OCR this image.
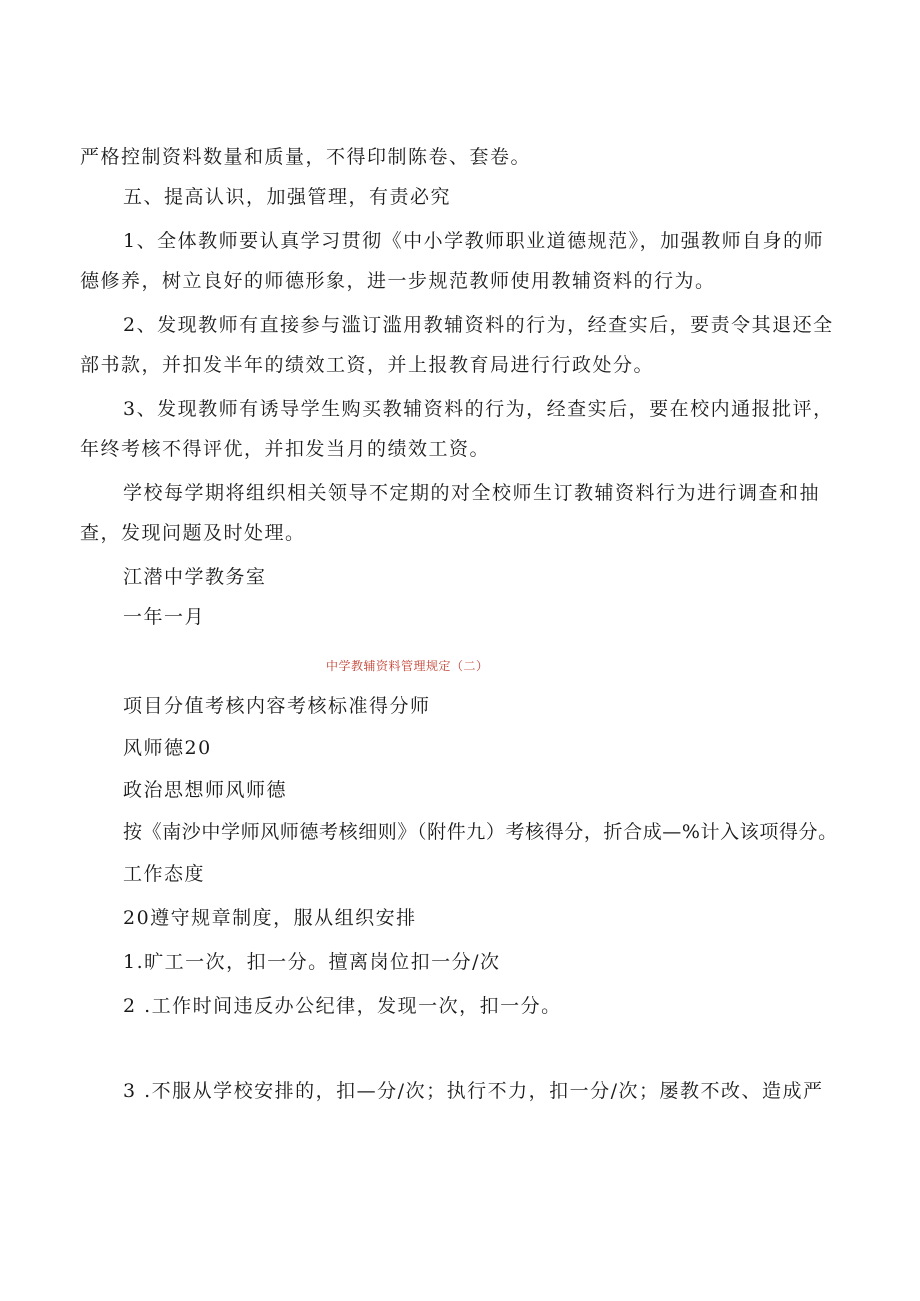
严格控制资料数量和质量，不得印制陈卷、套卷。
五、提高认识，加强管理，有责必究
1、全体教师要认真学习贯彻《中小学教师职业道德规范》，加强教师自身的师
德修养，树立良好的师德形象，进一步规范教师使用教辅资料的行为。
2、发现教师有直接参与滥订滥用教辅资料的行为，经查实后，要责令其退还全
部书款，并扣发半年的绩效工资，并上报教育局进行行政处分。
3、发现教师有诱导学生购买教辅资料的行为，经查实后，要在校内通报批评，
年终考核不得评优，并扣发当月的绩效工资。
学校每学期将组织相关领导不定期的对全校师生订教辅资料行为进行调查和抽
查，发现问题及时处理。
江潜中学教务室
一年一月
中学教辅资料管理规定（二）
项目分值考核内容考核标准得分师
风师德20
政治思想师风师德
按《南沙中学师风师德考核细则》（附件九）考核得分，折合成—%计入该项得分。
工作态度
20遵守规章制度，服从组织安排
1.旷工一次，扣一分。擅离岗位扣一分/次
2 .工作时间违反办公纪律，发现一次，扣一分。
3 .不服从学校安排的，扣—分/次；执行不力，扣一分/次；屡教不改、造成严
